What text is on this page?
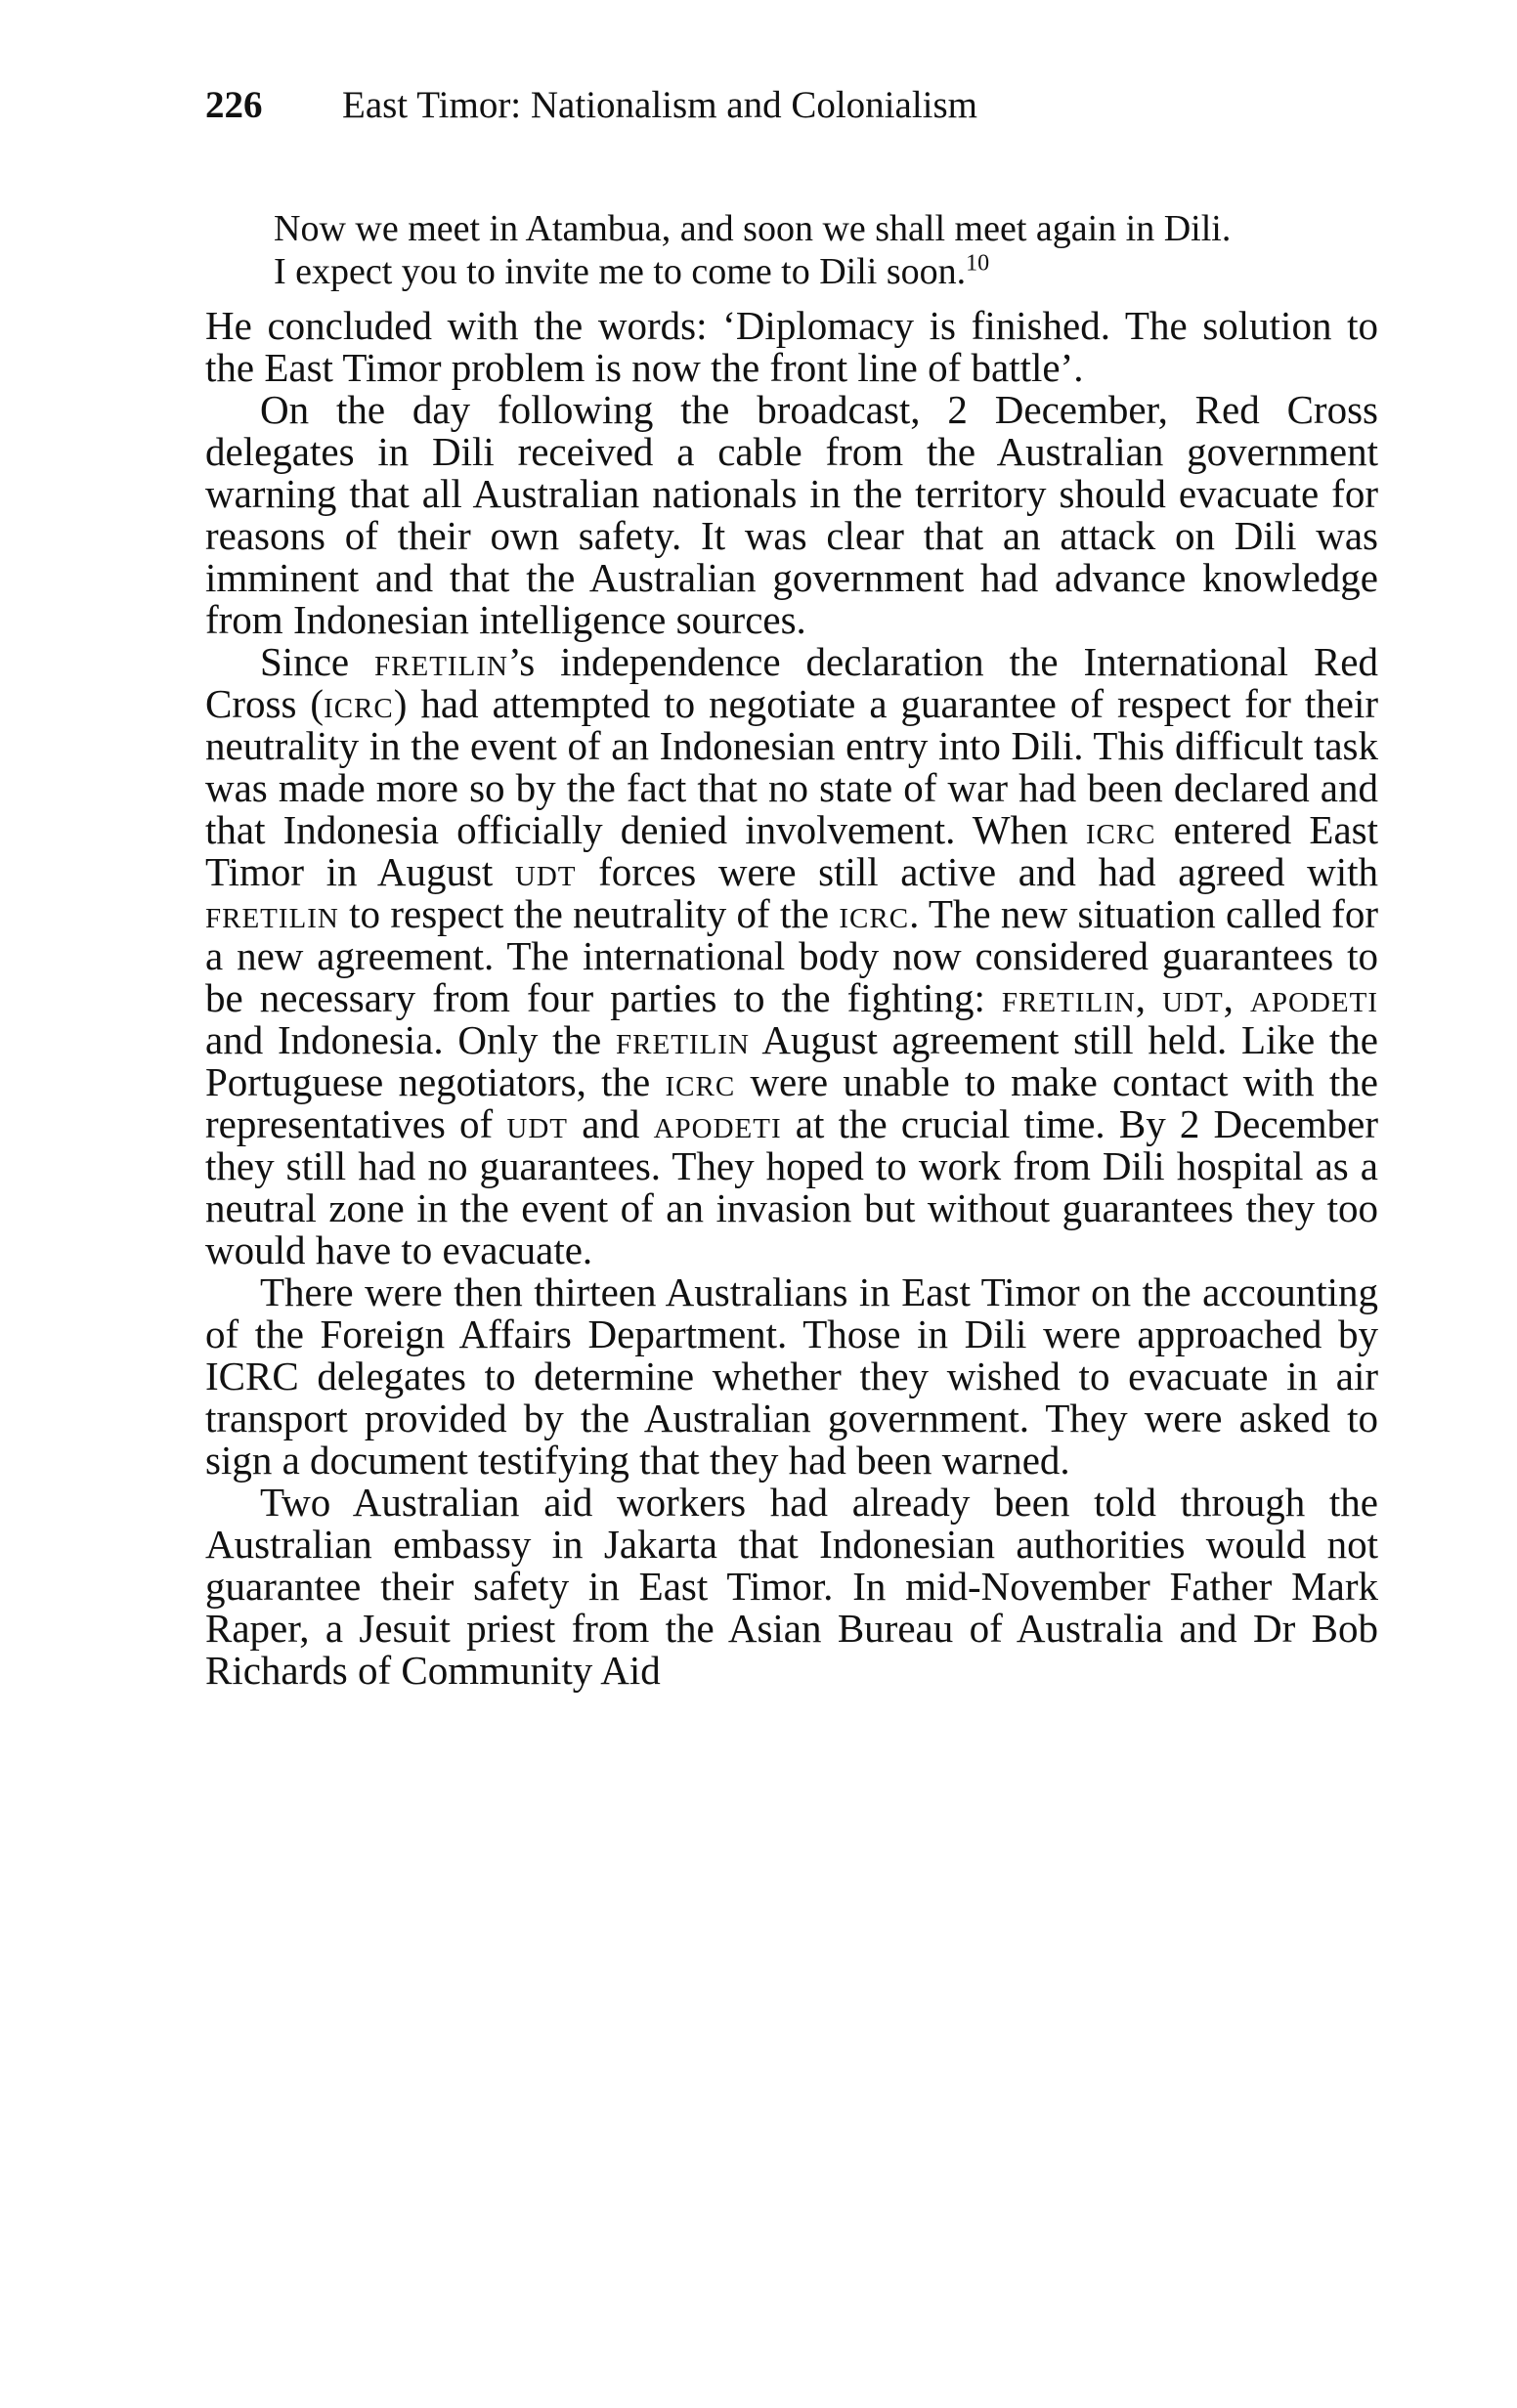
226 East Timor: Nationalism and Colonialism
Now we meet in Atambua, and soon we shall meet again in Dili.
I expect you to invite me to come to Dili soon.$^{10}$

He concluded with the words: ‘Diplomacy is finished. The solution to the East Timor problem is now the front line of battle’.

On the day following the broadcast, 2 December, Red Cross delegates in Dili received a cable from the Australian government warning that all Australian nationals in the territory should evacuate for reasons of their own safety. It was clear that an attack on Dili was imminent and that the Australian government had advance knowledge from Indonesian intelligence sources.

Since fretilin’s independence declaration the International Red Cross (icrc) had attempted to negotiate a guarantee of respect for their neutrality in the event of an Indonesian entry into Dili. This difficult task was made more so by the fact that no state of war had been declared and that Indonesia officially denied involvement. When icrc entered East Timor in August udt forces were still active and had agreed with fretilin to respect the neutrality of the icrc. The new situation called for a new agreement. The international body now considered guarantees to be necessary from four parties to the fighting: fretilin, udt, apodeti and Indonesia. Only the fretilin August agreement still held. Like the Portuguese negotiators, the icrc were unable to make contact with the representatives of udt and apodeti at the crucial time. By 2 December they still had no guarantees. They hoped to work from Dili hospital as a neutral zone in the event of an invasion but without guarantees they too would have to evacuate.

There were then thirteen Australians in East Timor on the accounting of the Foreign Affairs Department. Those in Dili were approached by ICRC delegates to determine whether they wished to evacuate in air transport provided by the Australian government. They were asked to sign a document testifying that they had been warned.

Two Australian aid workers had already been told through the Australian embassy in Jakarta that Indonesian authorities would not guarantee their safety in East Timor. In mid-November Father Mark Raper, a Jesuit priest from the Asian Bureau of Australia and Dr Bob Richards of Community Aid
